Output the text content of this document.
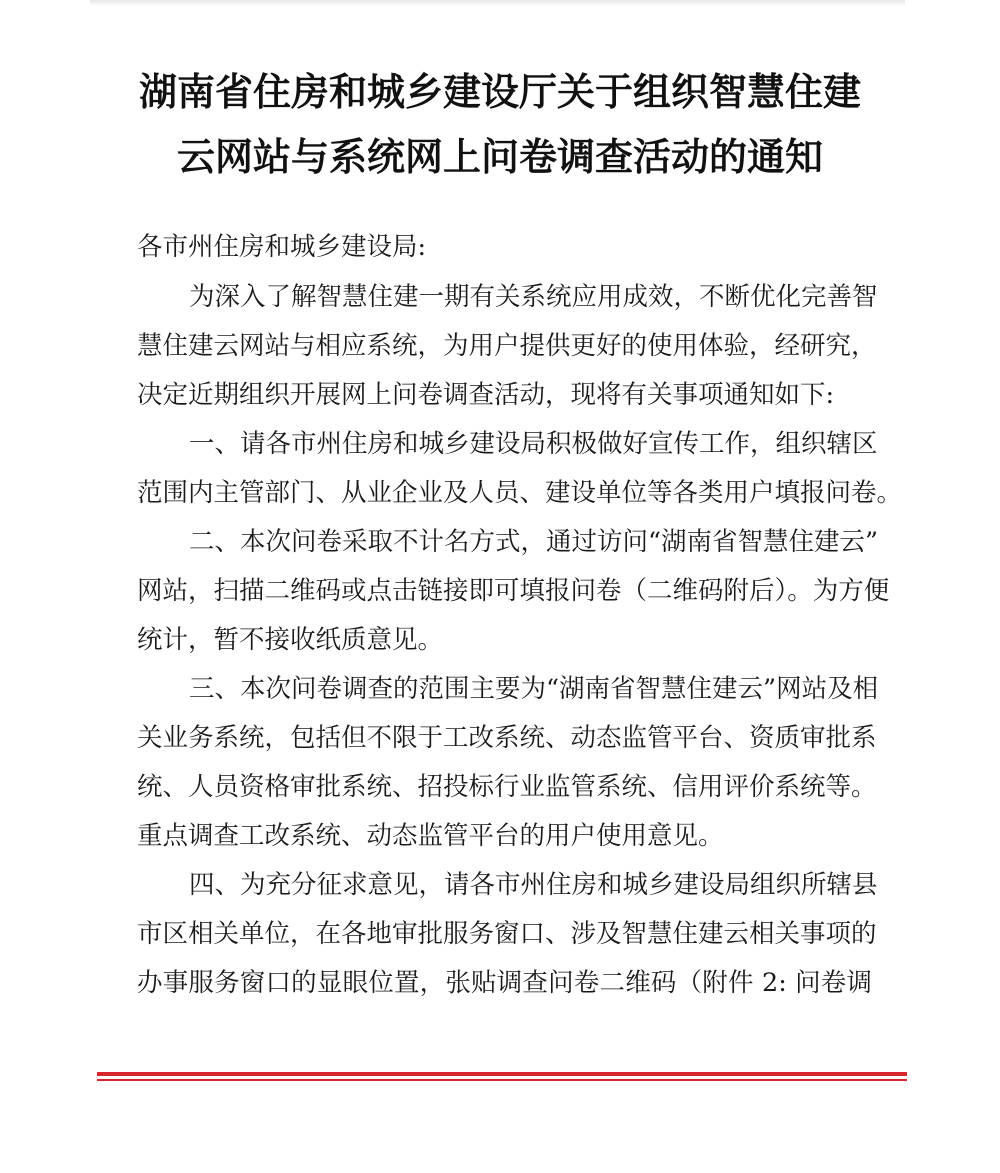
湖南省住房和城乡建设厅关于组织智慧住建
云网站与系统网上问卷调查活动的通知
各市州住房和城乡建设局:
为深入了解智慧住建一期有关系统应用成效，不断优化完善智
慧住建云网站与相应系统，为用户提供更好的使用体验，经研究，
决定近期组织开展网上问卷调查活动，现将有关事项通知如下:
一、请各市州住房和城乡建设局积极做好宣传工作，组织辖区
范围内主管部门、从业企业及人员、建设单位等各类用户填报问卷。
二、本次问卷采取不计名方式，通过访问“湖南省智慧住建云”
网站，扫描二维码或点击链接即可填报问卷（二维码附后）。为方便
统计，暂不接收纸质意见。
三、本次问卷调查的范围主要为“湖南省智慧住建云”网站及相
关业务系统，包括但不限于工改系统、动态监管平台、资质审批系
统、人员资格审批系统、招投标行业监管系统、信用评价系统等。
重点调查工改系统、动态监管平台的用户使用意见。
四、为充分征求意见，请各市州住房和城乡建设局组织所辖县
市区相关单位，在各地审批服务窗口、涉及智慧住建云相关事项的
办事服务窗口的显眼位置，张贴调查问卷二维码（附件 2: 问卷调
